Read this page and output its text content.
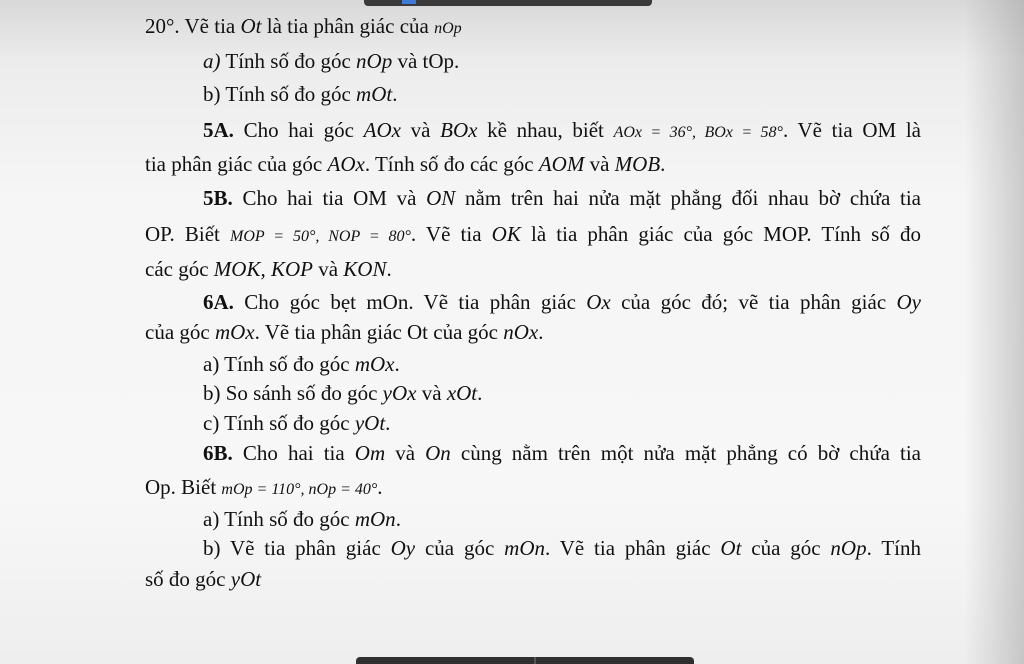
20°. Vẽ tia Ot là tia phân giác của nOp
a) Tính số đo góc nOp và tOp.
b) Tính số đo góc mOt.
5A. Cho hai góc AOx và BOx kề nhau, biết AOx = 36°, BOx = 58°. Vẽ tia OM là
tia phân giác của góc AOx. Tính số đo các góc AOM và MOB.
5B. Cho hai tia OM và ON nằm trên hai nửa mặt phẳng đối nhau bờ chứa tia
OP. Biết MOP = 50°, NOP = 80°. Vẽ tia OK là tia phân giác của góc MOP. Tính số đo
các góc MOK, KOP và KON.
6A. Cho góc bẹt mOn. Vẽ tia phân giác Ox của góc đó; vẽ tia phân giác Oy
của góc mOx. Vẽ tia phân giác Ot của góc nOx.
a) Tính số đo góc mOx.
b) So sánh số đo góc yOx và xOt.
c) Tính số đo góc yOt.
6B. Cho hai tia Om và On cùng nằm trên một nửa mặt phẳng có bờ chứa tia
Op. Biết mOp = 110°, nOp = 40°.
a) Tính số đo góc mOn.
b) Vẽ tia phân giác Oy của góc mOn. Vẽ tia phân giác Ot của góc nOp. Tính
số đo góc yOt
